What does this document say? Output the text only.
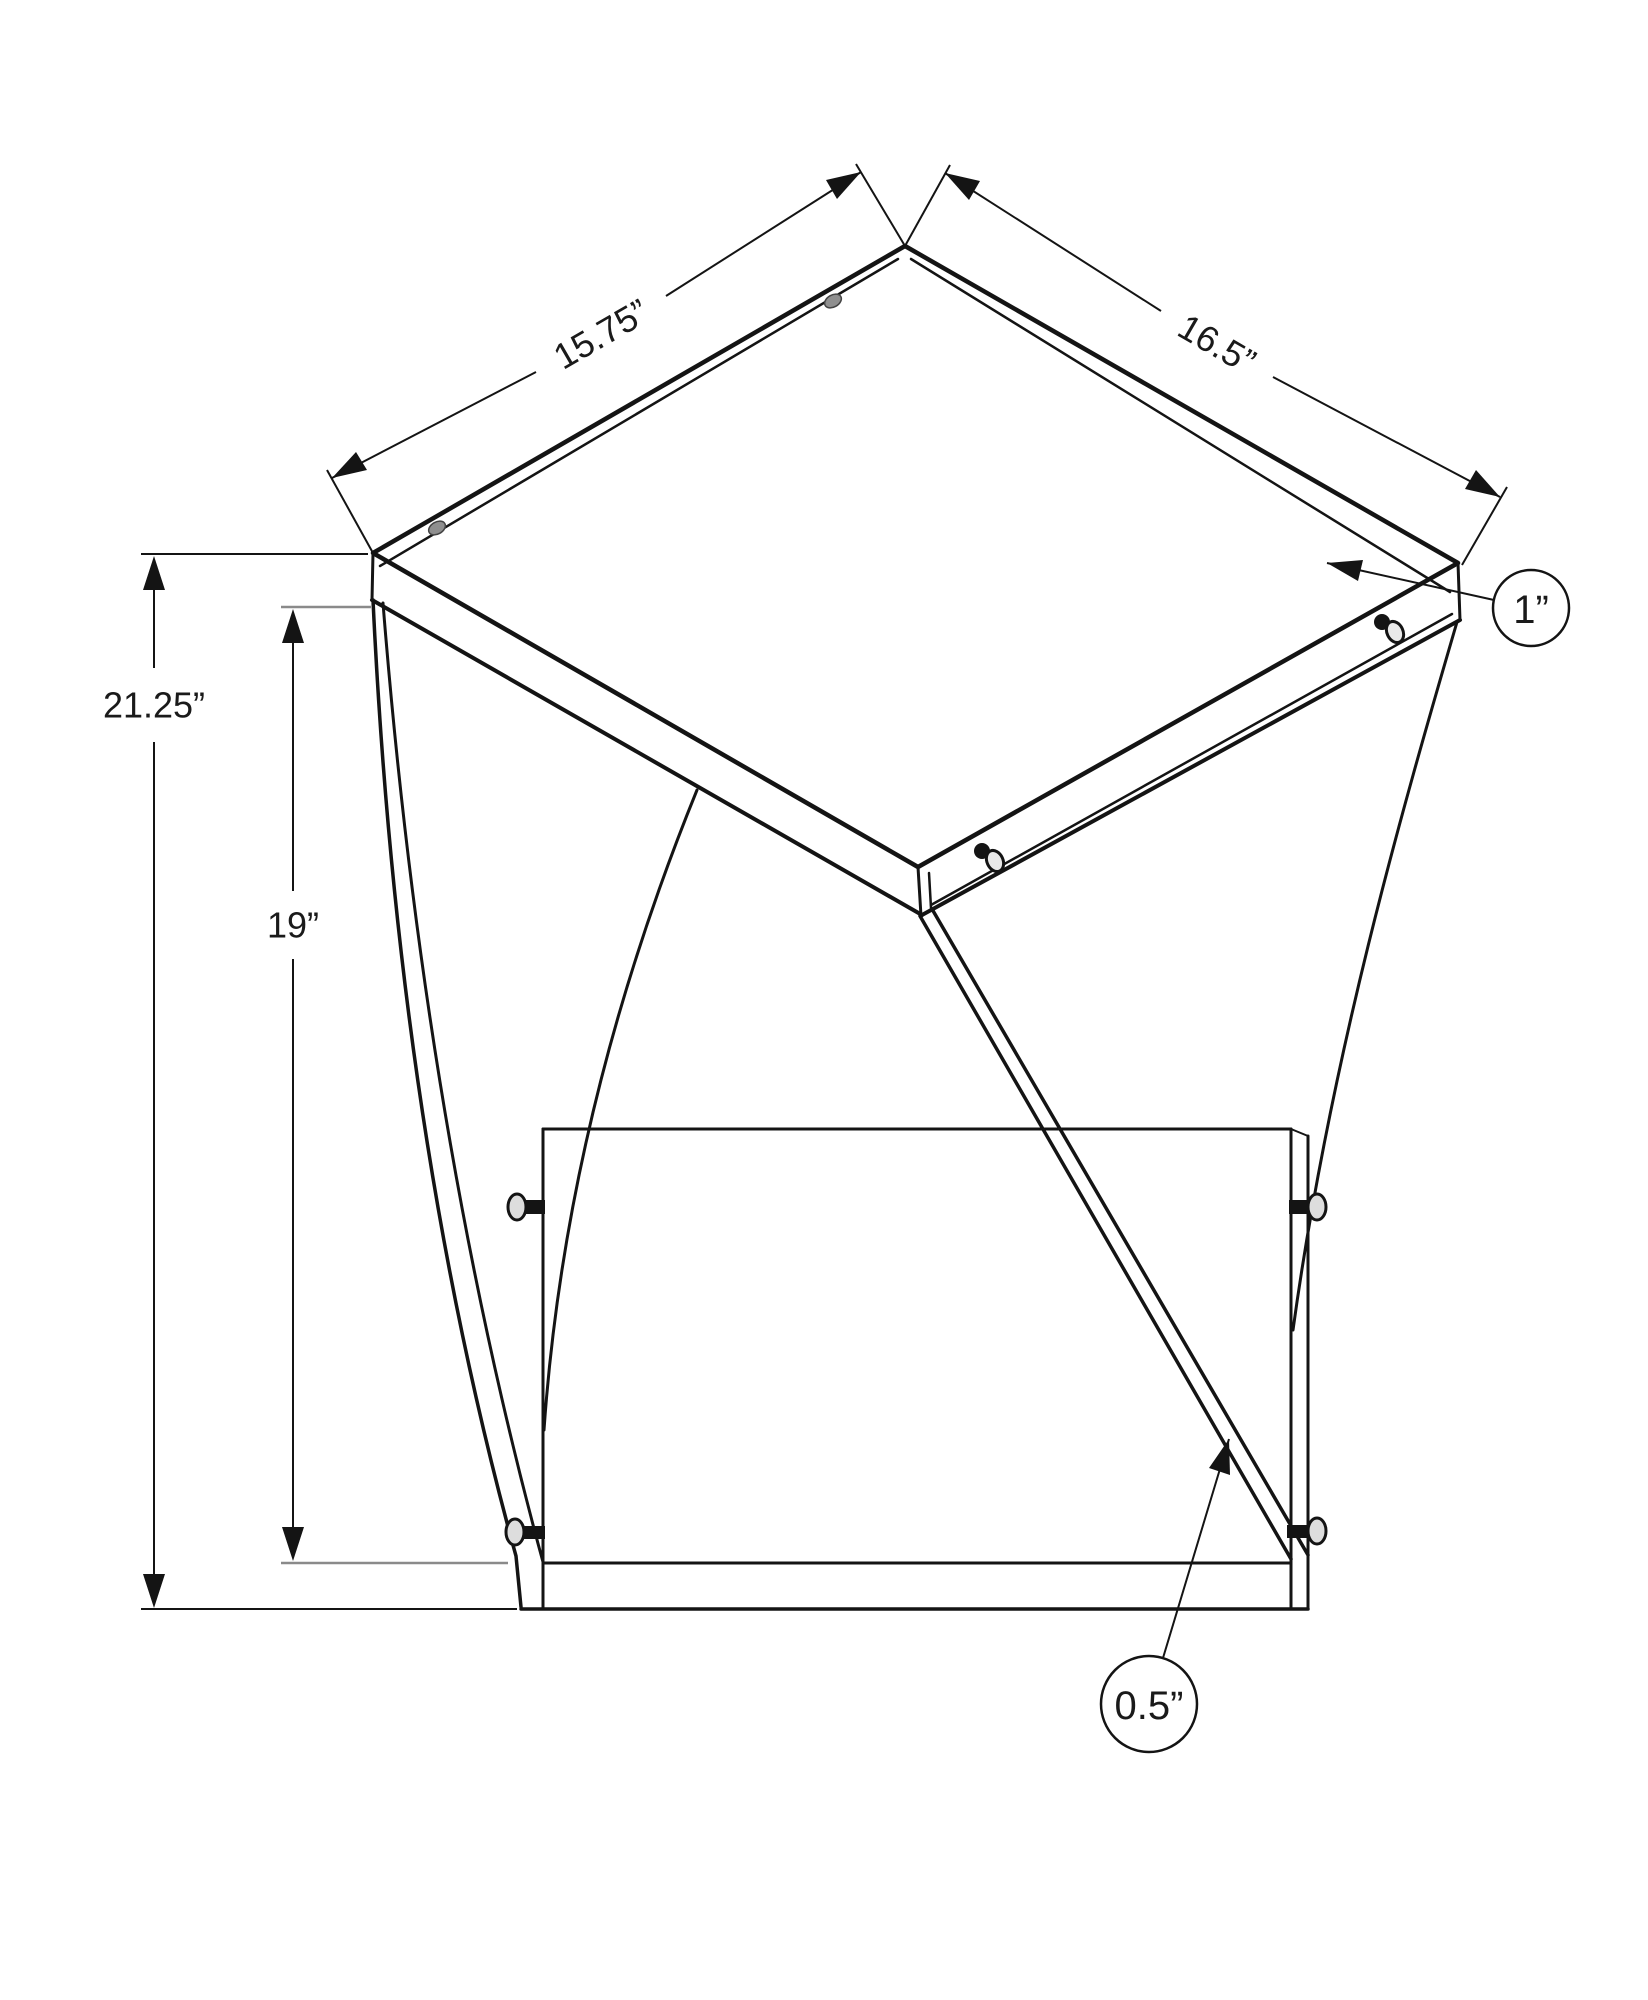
15.75”	16.5”
21.25”
19”
1”
0.5”
